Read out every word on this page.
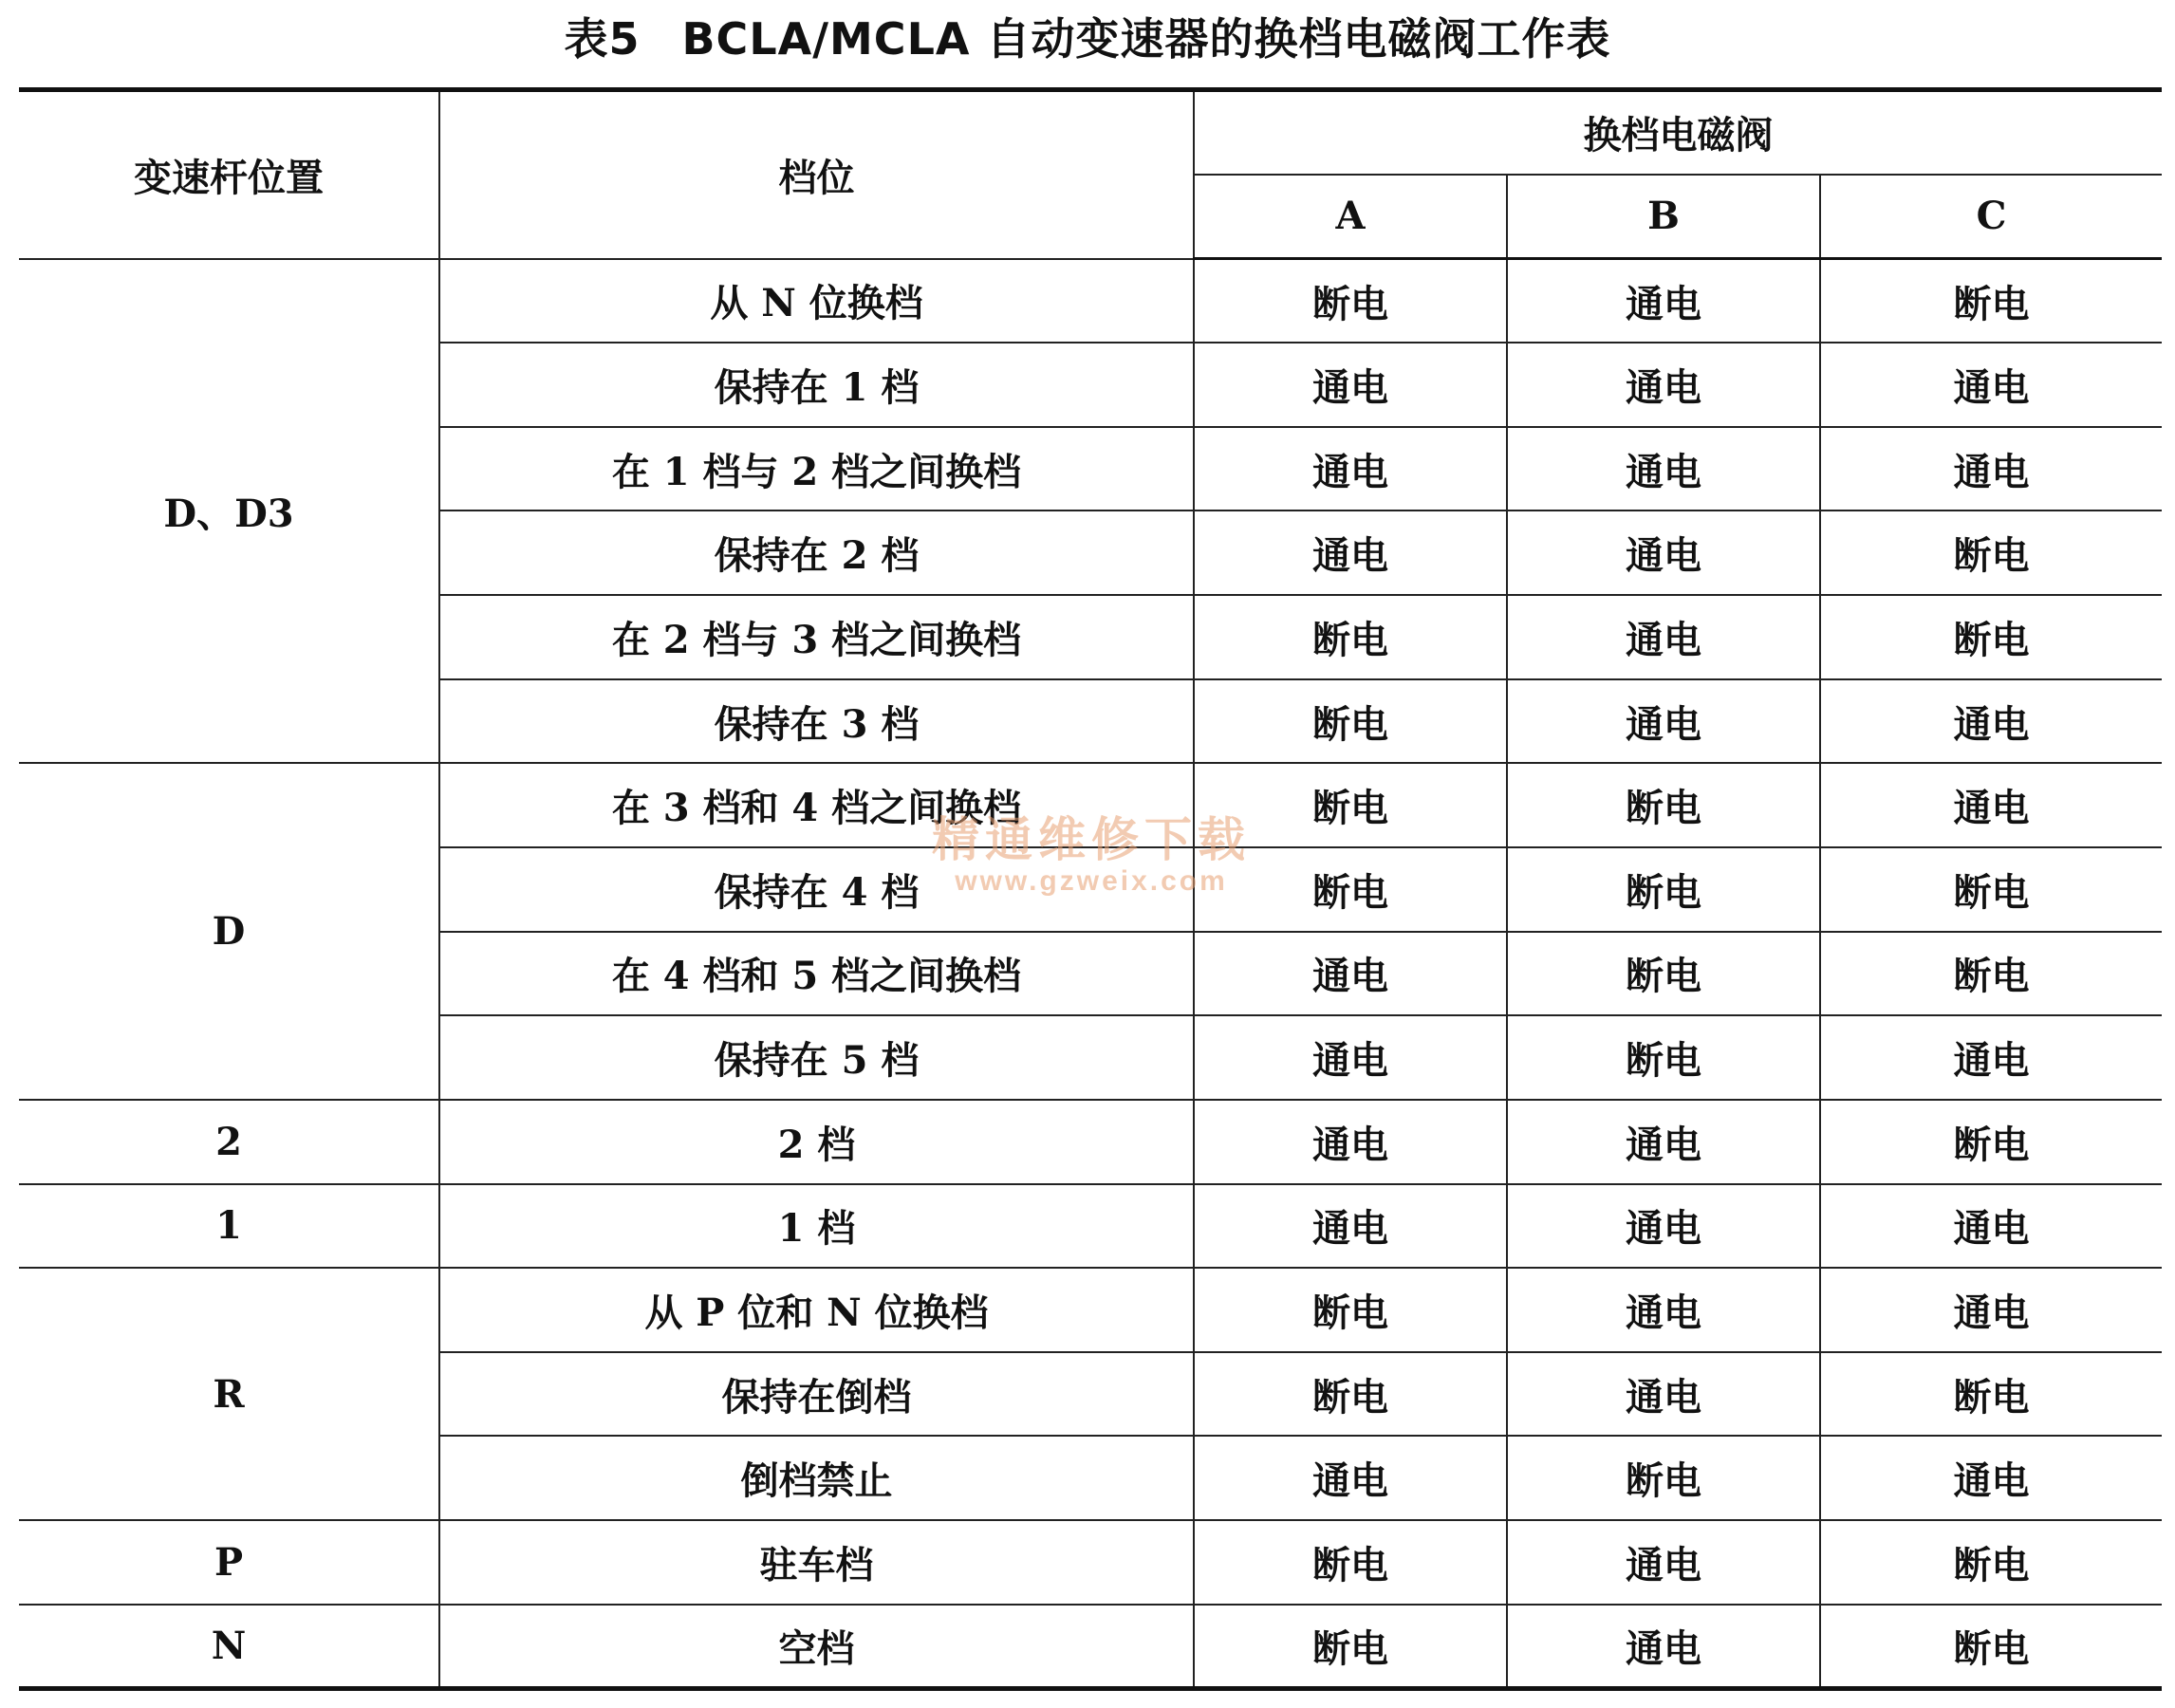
表5 BCLA/MCLA 自动变速器的换档电磁阀工作表
变速杆位置	档位	换档电磁阀		
		A	B	C
D、D3	从 N 位换档	断电	通电	断电
	保持在 1 档	通电	通电	通电
	在 1 档与 2 档之间换档	通电	通电	通电
	保持在 2 档	通电	通电	断电
	在 2 档与 3 档之间换档	断电	通电	断电
	保持在 3 档	断电	通电	通电
D	在 3 档和 4 档之间换档	断电	断电	通电
	保持在 4 档	断电	断电	断电
	在 4 档和 5 档之间换档	通电	断电	断电
	保持在 5 档	通电	断电	通电
2	2 档	通电	通电	断电
1	1 档	通电	通电	通电
R	从 P 位和 N 位换档	断电	通电	通电
	保持在倒档	断电	通电	断电
	倒档禁止	通电	断电	通电
P	驻车档	断电	通电	断电
N	空档	断电	通电	断电
精通维修下载
www.gzweix.com
